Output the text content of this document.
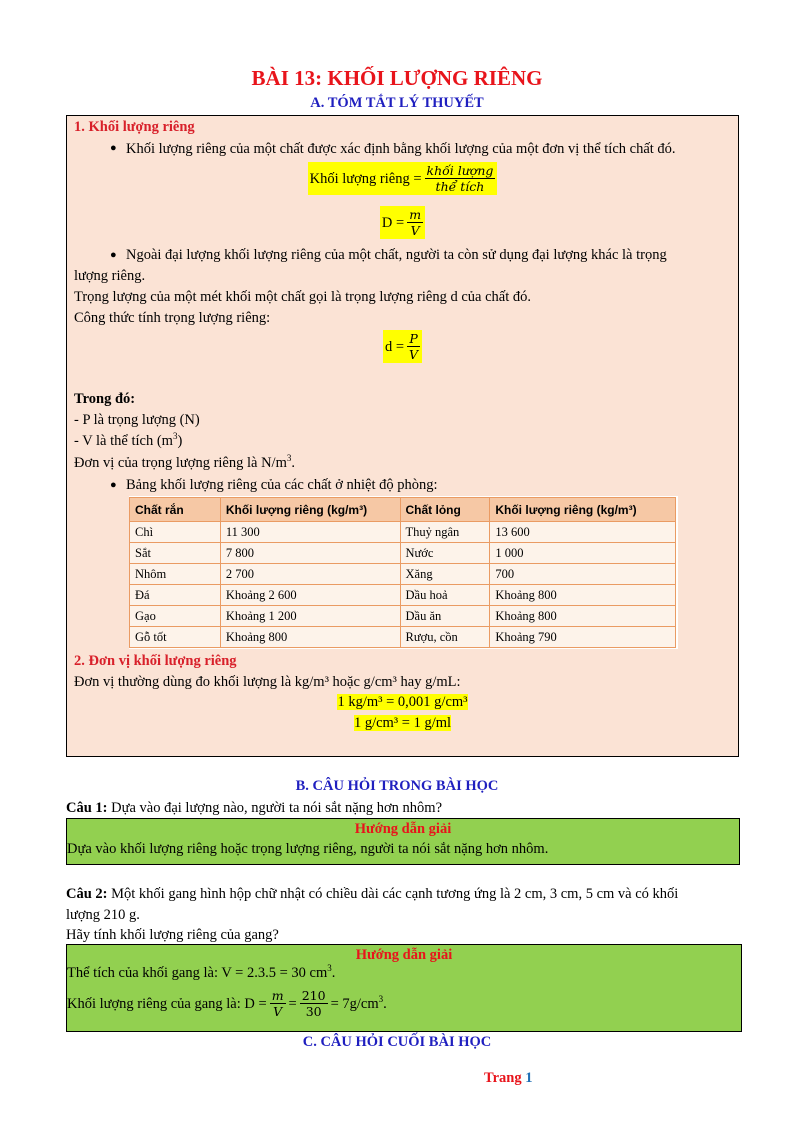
BÀI 13: KHỐI LƯỢNG RIÊNG
A. TÓM TẮT LÝ THUYẾT
1. Khối lượng riêng
● Khối lượng riêng của một chất được xác định bằng khối lượng của một đơn vị thể tích chất đó.
Khối lượng riêng = $\frac{\text{khối lượng}}{\text{thể tích}}$
$D = \frac{m}{V}$
● Ngoài đại lượng khối lượng riêng của một chất, người ta còn sử dụng đại lượng khác là trọng
lượng riêng.
Trọng lượng của một mét khối một chất gọi là trọng lượng riêng d của chất đó.
Công thức tính trọng lượng riêng:
$d = \frac{P}{V}$
Trong đó:
- P là trọng lượng (N)
- V là thể tích $(m^3)$
Đơn vị của trọng lượng riêng là $N/m^3$.
● Bảng khối lượng riêng của các chất ở nhiệt độ phòng:
Chất rắn	Khối lượng riêng (kg/m³)	Chất lỏng	Khối lượng riêng (kg/m³)
Chì	11 300	Thuỷ ngân	13 600
Sắt	7 800	Nước	1 000
Nhôm	2 700	Xăng	700
Đá	Khoảng 2 600	Dầu hoả	Khoảng 800
Gạo	Khoảng 1 200	Dầu ăn	Khoảng 800
Gỗ tốt	Khoảng 800	Rượu, cồn	Khoảng 790
2. Đơn vị khối lượng riêng
Đơn vị thường dùng đo khối lượng là kg/m³ hoặc g/cm³ hay g/mL:
1 kg/m³ = 0,001 g/cm³
1 g/cm³ = 1 g/ml
B. CÂU HỎI TRONG BÀI HỌC
Câu 1: Dựa vào đại lượng nào, người ta nói sắt nặng hơn nhôm?
Hướng dẫn giải
Dựa vào khối lượng riêng hoặc trọng lượng riêng, người ta nói sắt nặng hơn nhôm.
Câu 2: Một khối gang hình hộp chữ nhật có chiều dài các cạnh tương ứng là 2 cm, 3 cm, 5 cm và có khối
lượng 210 g.
Hãy tính khối lượng riêng của gang?
Hướng dẫn giải
Thể tích của khối gang là: V = 2.3.5 = 30 $cm^3$.
Khối lượng riêng của gang là: $D = \frac{m}{V} = \frac{210}{30} = 7g/cm^3$.
C. CÂU HỎI CUỐI BÀI HỌC
Trang 1
